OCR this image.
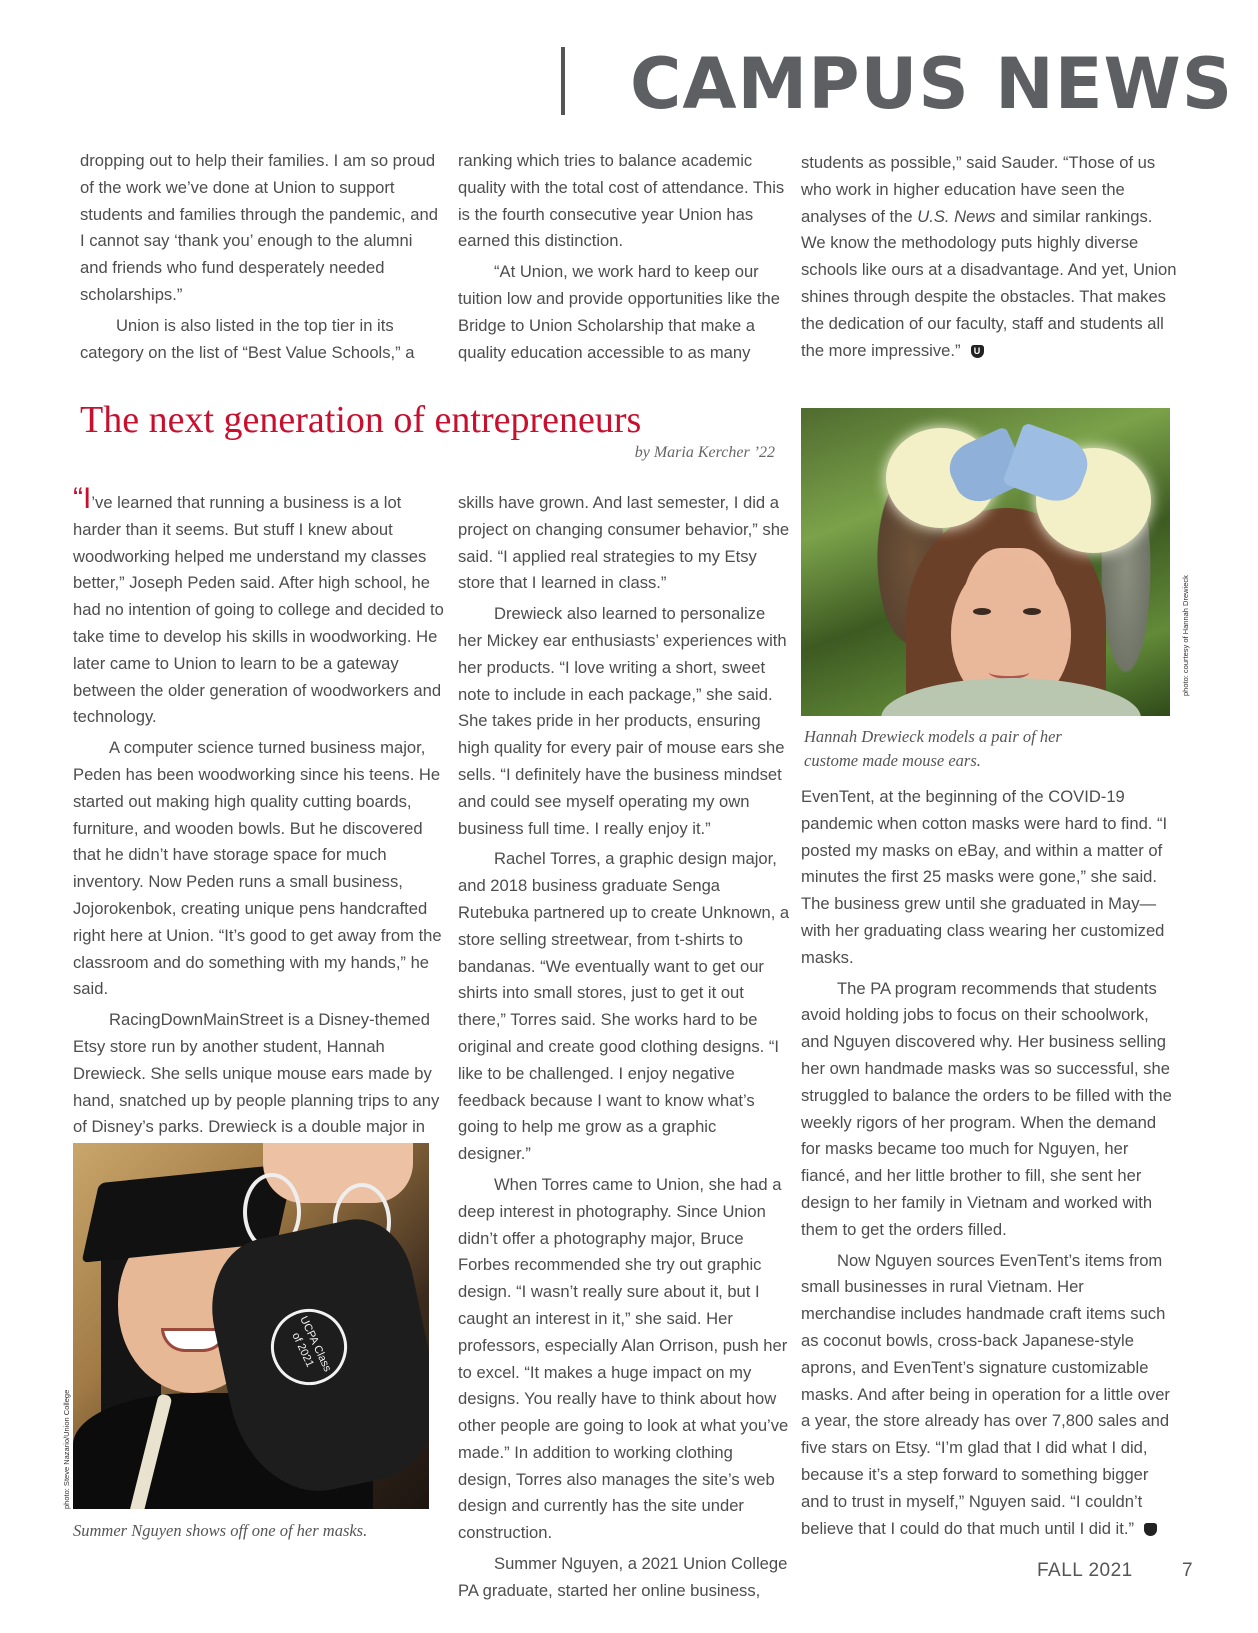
CAMPUS NEWS

dropping out to help their families. I am so proud of the work we’ve done at Union to support students and families through the pandemic, and I cannot say ‘thank you’ enough to the alumni and friends who fund desperately needed scholarships.”

Union is also listed in the top tier in its category on the list of “Best Value Schools,” a

ranking which tries to balance academic quality with the total cost of attendance. This is the fourth consecutive year Union has earned this distinction.

“At Union, we work hard to keep our tuition low and provide opportunities like the Bridge to Union Scholarship that make a quality education accessible to as many

students as possible,” said Sauder. “Those of us who work in higher education have seen the analyses of the U.S. News and similar rankings. We know the methodology puts highly diverse schools like ours at a disadvantage. And yet, Union shines through despite the obstacles. That makes the dedication of our faculty, staff and students all the more impressive.” U

The next generation of entrepreneurs
by Maria Kercher ’22

“I’ve learned that running a business is a lot harder than it seems. But stuff I knew about woodworking helped me understand my classes better,” Joseph Peden said. After high school, he had no intention of going to college and decided to take time to develop his skills in woodworking. He later came to Union to learn to be a gateway between the older generation of woodworkers and technology.

A computer science turned business major, Peden has been woodworking since his teens. He started out making high quality cutting boards, furniture, and wooden bowls. But he discovered that he didn’t have storage space for much inventory. Now Peden runs a small business, Jojorokenbok, creating unique pens handcrafted right here at Union. “It’s good to get away from the classroom and do something with my hands,” he said.

RacingDownMainStreet is a Disney-themed Etsy store run by another student, Hannah Drewieck. She sells unique mouse ears made by hand, snatched up by people planning trips to any of Disney’s parks. Drewieck is a double major in

skills have grown. And last semester, I did a project on changing consumer behavior,” she said. “I applied real strategies to my Etsy store that I learned in class.”

Drewieck also learned to personalize her Mickey ear enthusiasts’ experiences with her products. “I love writing a short, sweet note to include in each package,” she said. She takes pride in her products, ensuring high quality for every pair of mouse ears she sells. “I definitely have the business mindset and could see myself operating my own business full time. I really enjoy it.”

Rachel Torres, a graphic design major, and 2018 business graduate Senga Rutebuka partnered up to create Unknown, a store selling streetwear, from t-shirts to bandanas. “We eventually want to get our shirts into small stores, just to get it out there,” Torres said. She works hard to be original and create good clothing designs. “I like to be challenged. I enjoy negative feedback because I want to know what’s going to help me grow as a graphic designer.”

When Torres came to Union, she had a deep interest in photography. Since Union didn’t offer a photography major, Bruce Forbes recommended she try out graphic design. “I wasn’t really sure about it, but I caught an interest in it,” she said. Her professors, especially Alan Orrison, push her to excel. “It makes a huge impact on my designs. You really have to think about how other people are going to look at what you’ve made.” In addition to working clothing design, Torres also manages the site’s web design and currently has the site under construction.

Summer Nguyen, a 2021 Union College PA graduate, started her online business,

EvenTent, at the beginning of the COVID-19 pandemic when cotton masks were hard to find. “I posted my masks on eBay, and within a matter of minutes the first 25 masks were gone,” she said. The business grew until she graduated in May—with her graduating class wearing her customized masks.

The PA program recommends that students avoid holding jobs to focus on their schoolwork, and Nguyen discovered why. Her business selling her own handmade masks was so successful, she struggled to balance the orders to be filled with the weekly rigors of her program. When the demand for masks became too much for Nguyen, her fiancé, and her little brother to fill, she sent her design to her family in Vietnam and worked with them to get the orders filled.

Now Nguyen sources EvenTent’s items from small businesses in rural Vietnam. Her merchandise includes handmade craft items such as coconut bowls, cross-back Japanese-style aprons, and EvenTent’s signature customizable masks. And after being in operation for a little over a year, the store already has over 7,800 sales and five stars on Etsy. “I’m glad that I did what I did, because it’s a step forward to something bigger and to trust in myself,” Nguyen said. “I couldn’t believe that I could do that much until I did it.”	U

photo: courtesy of Hannah Drewieck
Hannah Drewieck models a pair of her custome made mouse ears.
UCPA Class of 2021
photo: Steve Nazario/Union College
Summer Nguyen shows off one of her masks.
FALL 2021	7
